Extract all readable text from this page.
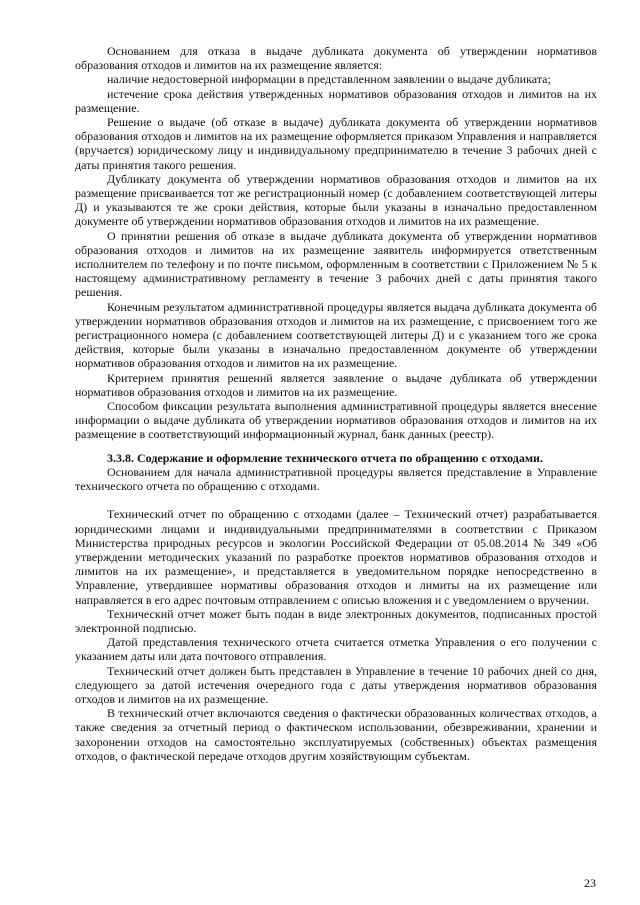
Основанием для отказа в выдаче дубликата документа об утверждении нормативов образования отходов и лимитов на их размещение является:

наличие недостоверной информации в представленном заявлении о выдаче дубликата;

истечение срока действия утвержденных нормативов образования отходов и лимитов на их размещение.

Решение о выдаче (об отказе в выдаче) дубликата документа об утверждении нормативов образования отходов и лимитов на их размещение оформляется приказом Управления и направляется (вручается) юридическому лицу и индивидуальному предпринимателю в течение 3 рабочих дней с даты принятия такого решения.

Дубликату документа об утверждении нормативов образования отходов и лимитов на их размещение присваивается тот же регистрационный номер (с добавлением соответствующей литеры Д) и указываются те же сроки действия, которые были указаны в изначально предоставленном документе об утверждении нормативов образования отходов и лимитов на их размещение.

О принятии решения об отказе в выдаче дубликата документа об утверждении нормативов образования отходов и лимитов на их размещение заявитель информируется ответственным исполнителем по телефону и по почте письмом, оформленным в соответствии с Приложением № 5 к настоящему административному регламенту в течение 3 рабочих дней с даты принятия такого решения.

Конечным результатом административной процедуры является выдача дубликата документа об утверждении нормативов образования отходов и лимитов на их размещение, с присвоением того же регистрационного номера (с добавлением соответствующей литеры Д) и с указанием того же срока действия, которые были указаны в изначально предоставленном документе об утверждении нормативов образования отходов и лимитов на их размещение.

Критерием принятия решений является заявление о выдаче дубликата об утверждении нормативов образования отходов и лимитов на их размещение.

Способом фиксации результата выполнения административной процедуры является внесение информации о выдаче дубликата об утверждении нормативов образования отходов и лимитов на их размещение в соответствующий информационный журнал, банк данных (реестр).

3.3.8. Содержание и оформление технического отчета по обращению с отходами.

Основанием для начала административной процедуры является представление в Управление технического отчета по обращению с отходами.

Технический отчет по обращению с отходами (далее – Технический отчет) разрабатывается юридическими лицами и индивидуальными предпринимателями в соответствии с Приказом Министерства природных ресурсов и экологии Российской Федерации от 05.08.2014 № 349 «Об утверждении методических указаний по разработке проектов нормативов образования отходов и лимитов на их размещение», и представляется в уведомительном порядке непосредственно в Управление, утвердившее нормативы образования отходов и лимиты на их размещение или направляется в его адрес почтовым отправлением с описью вложения и с уведомлением о вручении.

Технический отчет может быть подан в виде электронных документов, подписанных простой электронной подписью.

Датой представления технического отчета считается отметка Управления о его получении с указанием даты или дата почтового отправления.

Технический отчет должен быть представлен в Управление в течение 10 рабочих дней со дня, следующего за датой истечения очередного года с даты утверждения нормативов образования отходов и лимитов на их размещение.

В технический отчет включаются сведения о фактически образованных количествах отходов, а также сведения за отчетный период о фактическом использовании, обезвреживании, хранении и захоронении отходов на самостоятельно эксплуатируемых (собственных) объектах размещения отходов, о фактической передаче отходов другим хозяйствующим субъектам.

23
